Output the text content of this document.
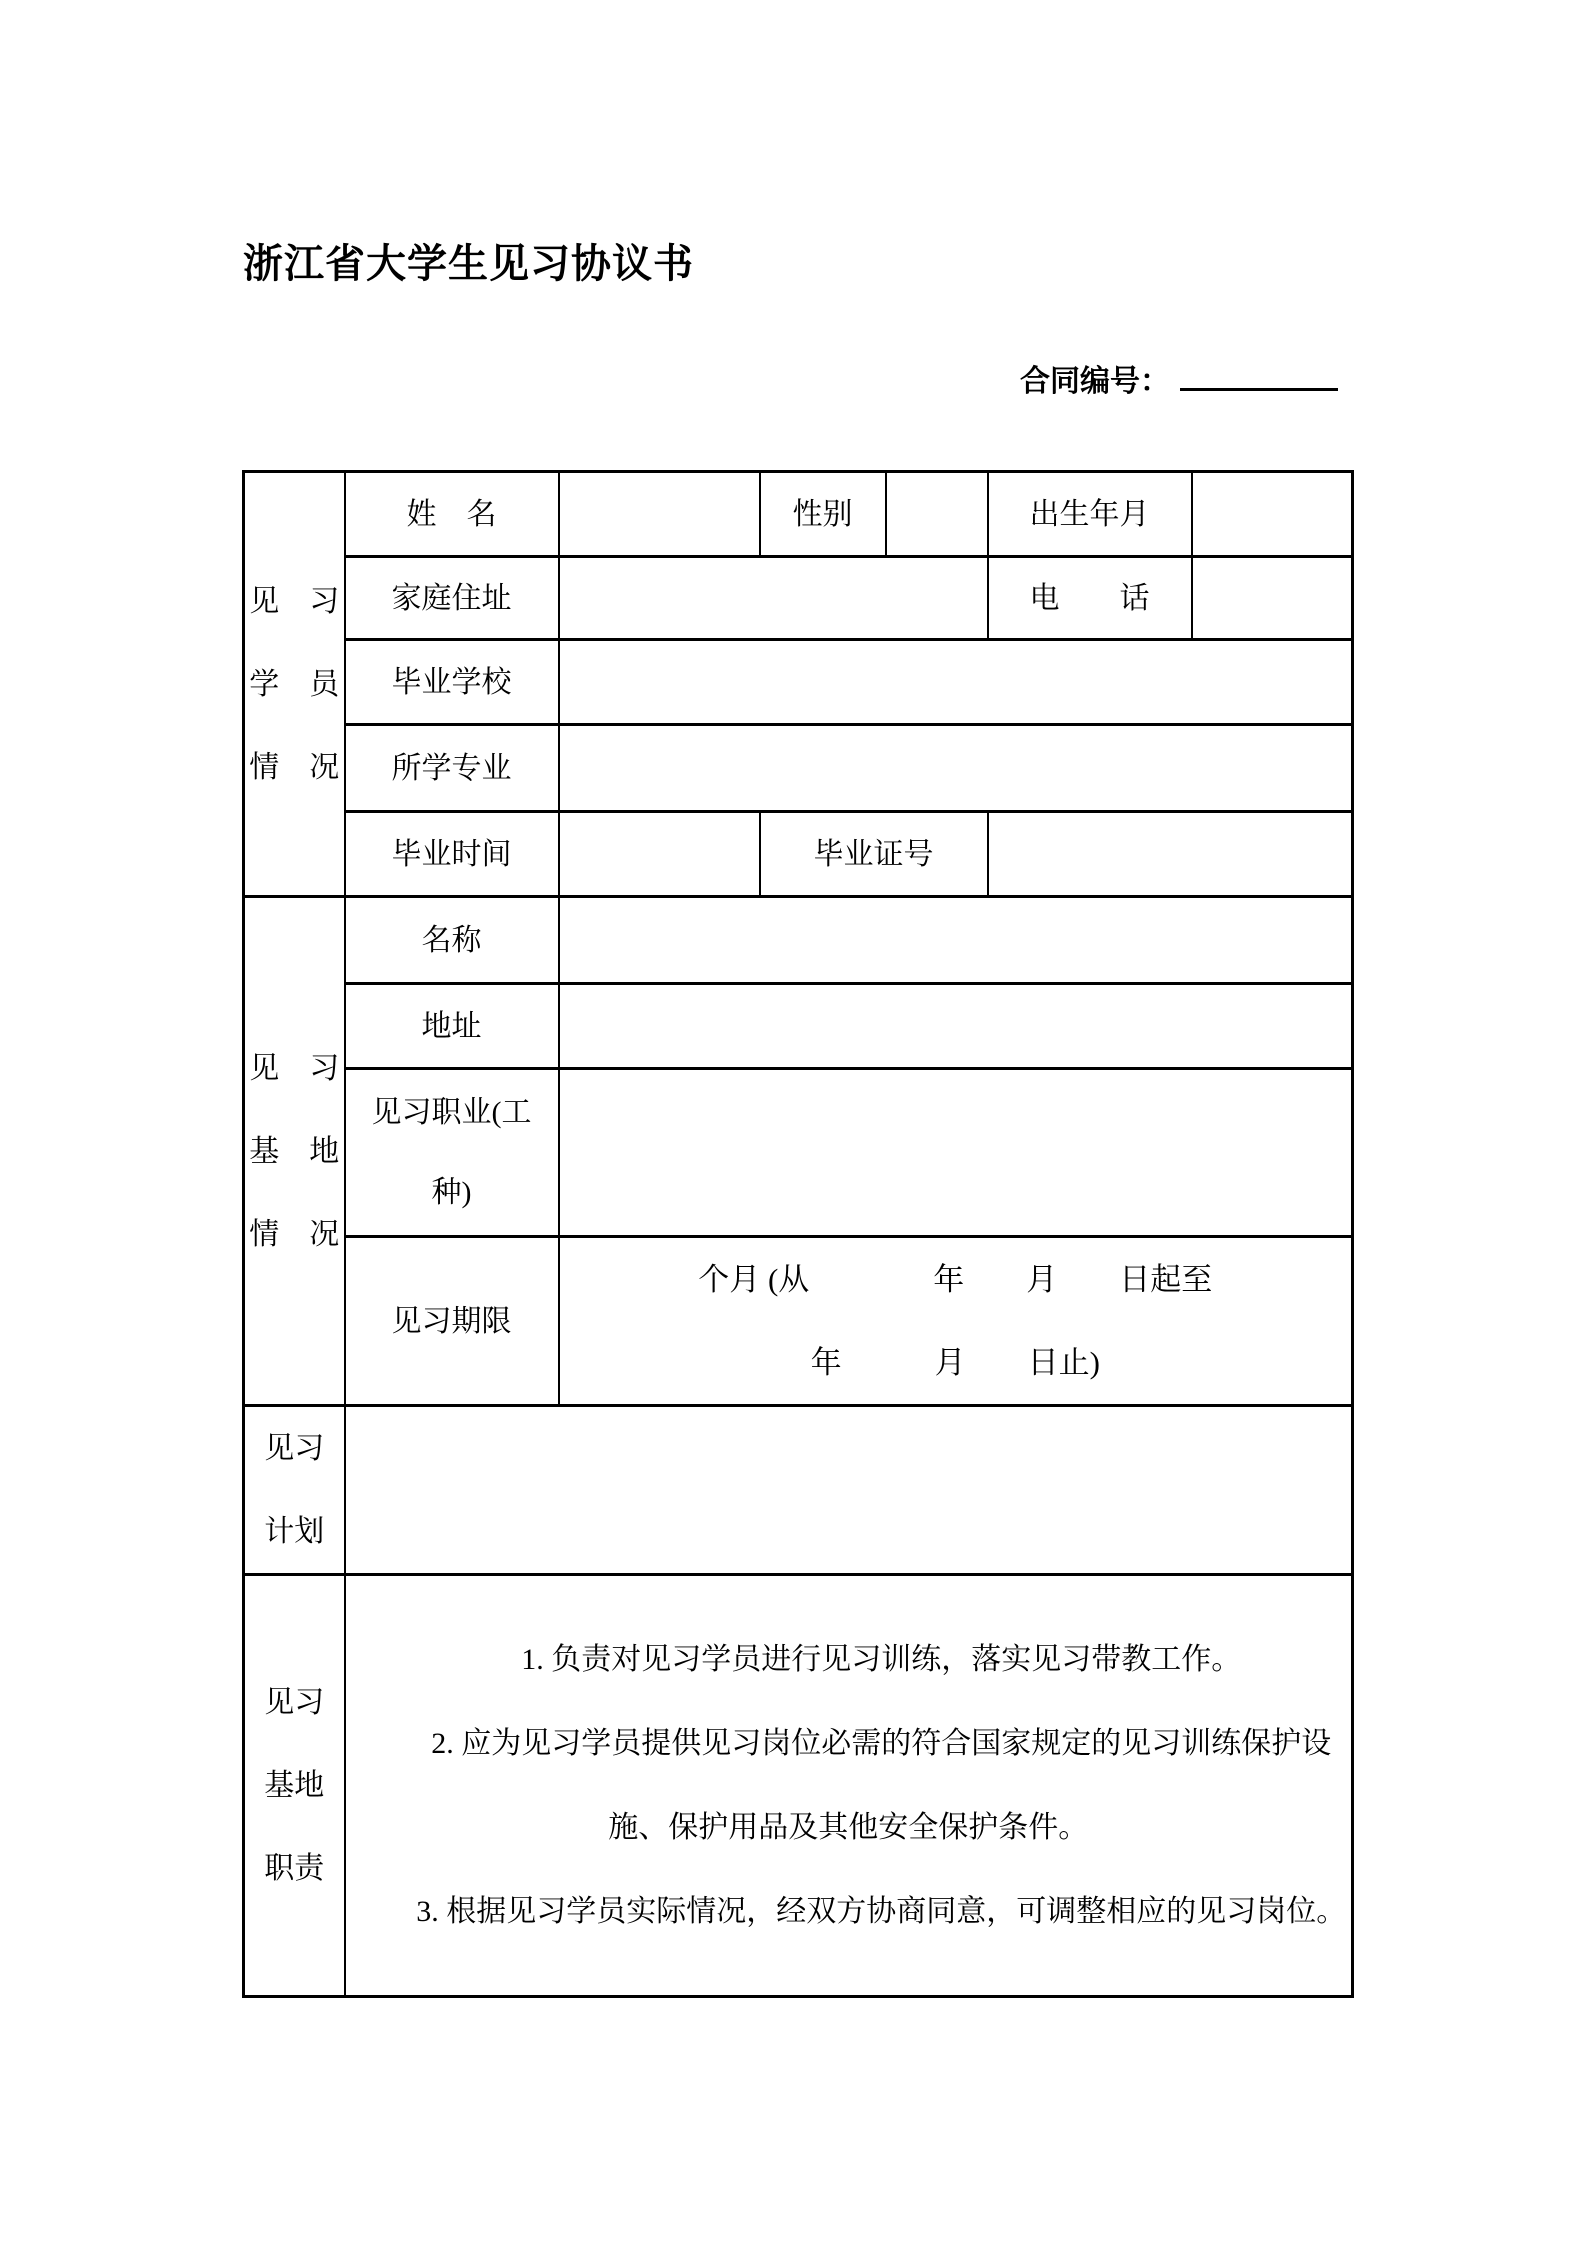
浙江省大学生见习协议书
合同编号：
见　习
学　员
情　况	姓　名		性别		出生年月	
	家庭住址				电　　话	
	毕业学校					
	所学专业					
	毕业时间		毕业证号			

见　习
基　地
情　况	名称					
	地址					
	见习职业(工种)					
	见习期限	个月 (从　　　　年　　月　　日起至
年　　　月　　日止)				

见习
计划						

见习
基地
职责

1. 负责对见习学员进行见习训练，落实见习带教工作。

2. 应为见习学员提供见习岗位必需的符合国家规定的见习训练保护设施、保护用品及其他安全保护条件。

3. 根据见习学员实际情况，经双方协商同意，可调整相应的见习岗位。
